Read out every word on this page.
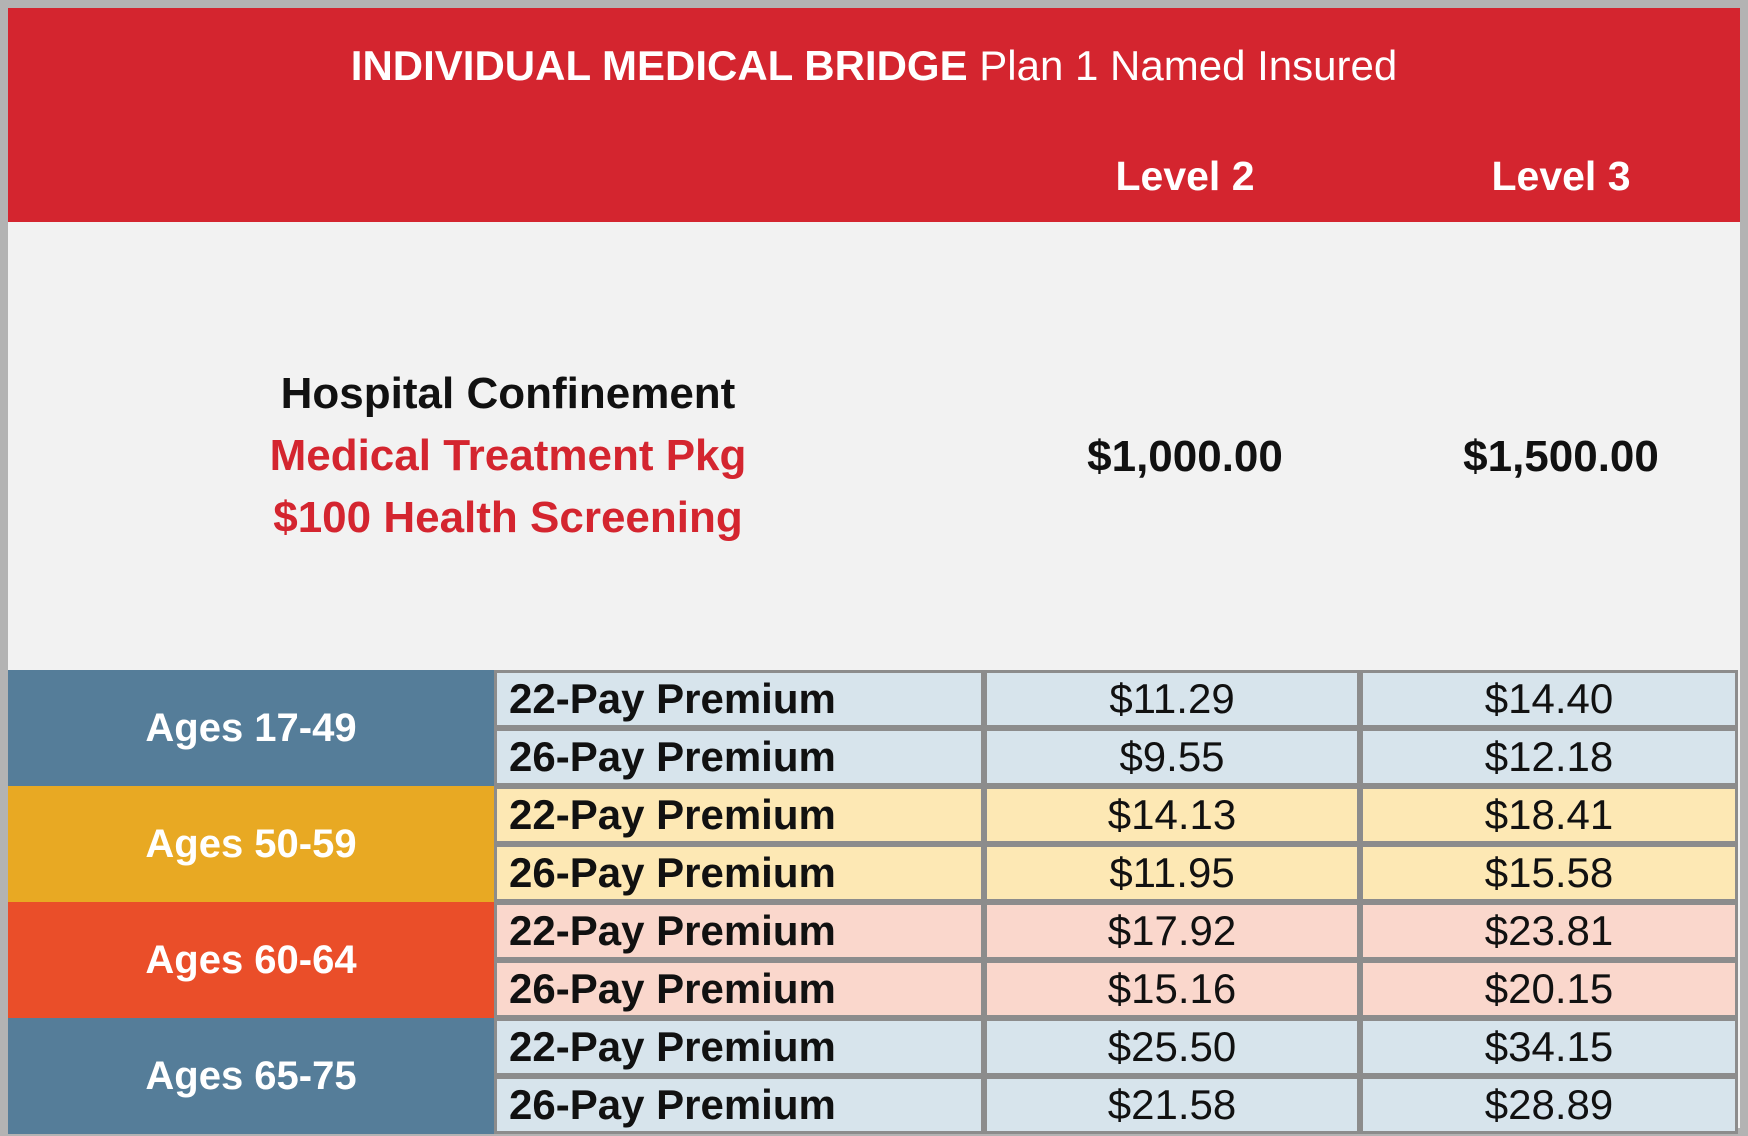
INDIVIDUAL MEDICAL BRIDGE Plan 1 Named Insured
Level 2	Level 3
Hospital Confinement
Medical Treatment Pkg
$100 Health Screening
$1,000.00	$1,500.00
Ages 17-49
22-Pay Premium	$11.29	$14.40
26-Pay Premium	$9.55	$12.18
Ages 50-59
22-Pay Premium	$14.13	$18.41
26-Pay Premium	$11.95	$15.58
Ages 60-64
22-Pay Premium	$17.92	$23.81
26-Pay Premium	$15.16	$20.15
Ages 65-75
22-Pay Premium	$25.50	$34.15
26-Pay Premium	$21.58	$28.89
